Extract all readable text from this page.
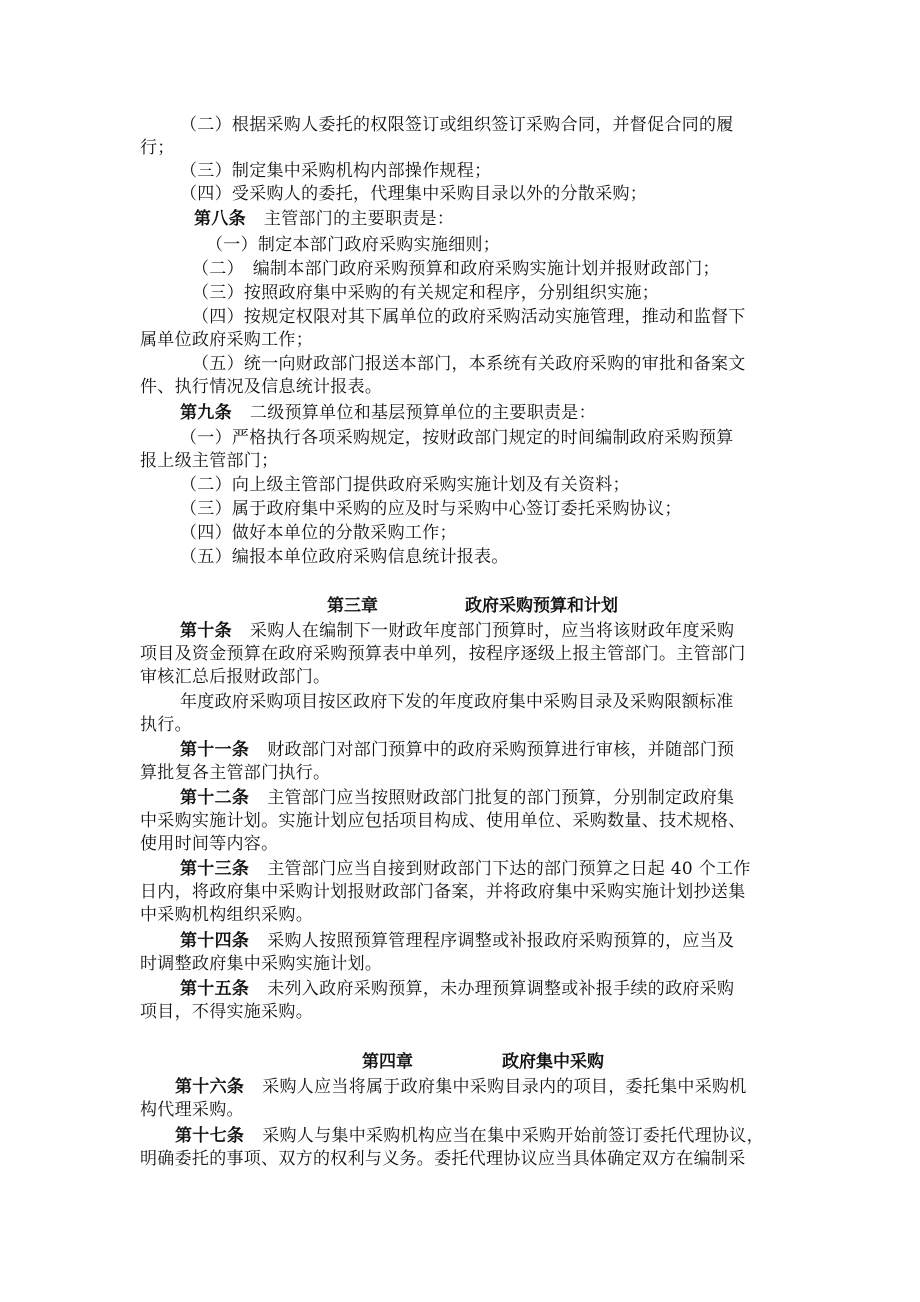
（二）根据采购人委托的权限签订或组织签订采购合同，并督促合同的履
行；
（三）制定集中采购机构内部操作规程；
（四）受采购人的委托，代理集中采购目录以外的分散采购；
第八条 主管部门的主要职责是：
（一）制定本部门政府采购实施细则；
（二）　编制本部门政府采购预算和政府采购实施计划并报财政部门；
（三）按照政府集中采购的有关规定和程序，分别组织实施；
（四）按规定权限对其下属单位的政府采购活动实施管理，推动和监督下
属单位政府采购工作；
（五）统一向财政部门报送本部门，本系统有关政府采购的审批和备案文
件、执行情况及信息统计报表。
第九条 二级预算单位和基层预算单位的主要职责是：
（一）严格执行各项采购规定，按财政部门规定的时间编制政府采购预算
报上级主管部门；
（二）向上级主管部门提供政府采购实施计划及有关资料；
（三）属于政府集中采购的应及时与采购中心签订委托采购协议；
（四）做好本单位的分散采购工作；
（五）编报本单位政府采购信息统计报表。
第三章	政府采购预算和计划
第十条 采购人在编制下一财政年度部门预算时，应当将该财政年度采购
项目及资金预算在政府采购预算表中单列，按程序逐级上报主管部门。主管部门
审核汇总后报财政部门。
年度政府采购项目按区政府下发的年度政府集中采购目录及采购限额标准
执行。
第十一条 财政部门对部门预算中的政府采购预算进行审核，并随部门预
算批复各主管部门执行。
第十二条 主管部门应当按照财政部门批复的部门预算，分别制定政府集
中采购实施计划。实施计划应包括项目构成、使用单位、采购数量、技术规格、
使用时间等内容。
第十三条 主管部门应当自接到财政部门下达的部门预算之日起 40 个工作
日内，将政府集中采购计划报财政部门备案，并将政府集中采购实施计划抄送集
中采购机构组织采购。
第十四条 采购人按照预算管理程序调整或补报政府采购预算的，应当及
时调整政府集中采购实施计划。
第十五条 未列入政府采购预算，未办理预算调整或补报手续的政府采购
项目，不得实施采购。
第四章	政府集中采购
第十六条 采购人应当将属于政府集中采购目录内的项目，委托集中采购机
构代理采购。
第十七条 采购人与集中采购机构应当在集中采购开始前签订委托代理协议，
明确委托的事项、双方的权利与义务。委托代理协议应当具体确定双方在编制采
